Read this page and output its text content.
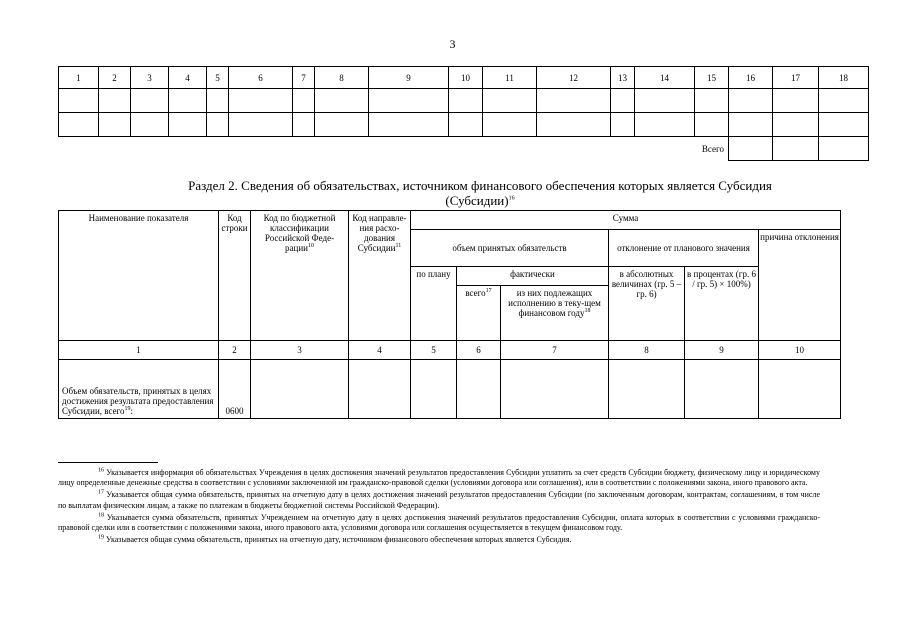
3
1	2	3	4	5	6	7	8	9	10	11	12	13	14	15	16	17	18

													Всего				
Раздел 2. Сведения об обязательствах, источником финансового обеспечения которых является Субсидия
(Субсидии)$^{16}$
Наименование показателя	Код строки	Код по бюджетной классификации Российской Феде-рации$^{10}$	Код направле-ния расхо-дования Субсидии$^{11}$	Сумма					
				объем принятых обязательств			отклонение от планового значения		причина отклонения
				по плану	фактически		в абсолютных величинах (гр. 5 – гр. 6)	в процентах (гр. 6 / гр. 5) × 100%)	
					всего$^{17}$	из них подлежащих исполнению в теку-щем финансовом году$^{18}$
1	2	3	4	5	6	7	8	9	10
Объем обязательств, принятых в целях достижения результата предоставления Субсидии, всего$^{19}$:	0600								

$^{16}$ Указывается информация об обязательствах Учреждения в целях достижения значений результатов предоставления Субсидии уплатить за счет средств Субсидии бюджету, физическому лицу и юридическому лицу определенные денежные средства в соответствии с условиями заключенной им гражданско-правовой сделки (условиями договора или соглашения), или в соответствии с положениями закона, иного правового акта.

$^{17}$ Указывается общая сумма обязательств, принятых на отчетную дату в целях достижения значений результатов предоставления Субсидии (по заключенным договорам, контрактам, соглашениям, в том числе по выплатам физическим лицам, а также по платежам в бюджеты бюджетной системы Российской Федерации).

$^{18}$ Указывается сумма обязательств, принятых Учреждением на отчетную дату в целях достижения значений результатов предоставления Субсидии, оплата которых в соответствии с условиями гражданско-правовой сделки или в соответствии с положениями закона, иного правового акта, условиями договора или соглашения осуществляется в текущем финансовом году.

$^{19}$ Указывается общая сумма обязательств, принятых на отчетную дату, источником финансового обеспечения которых является Субсидия.
